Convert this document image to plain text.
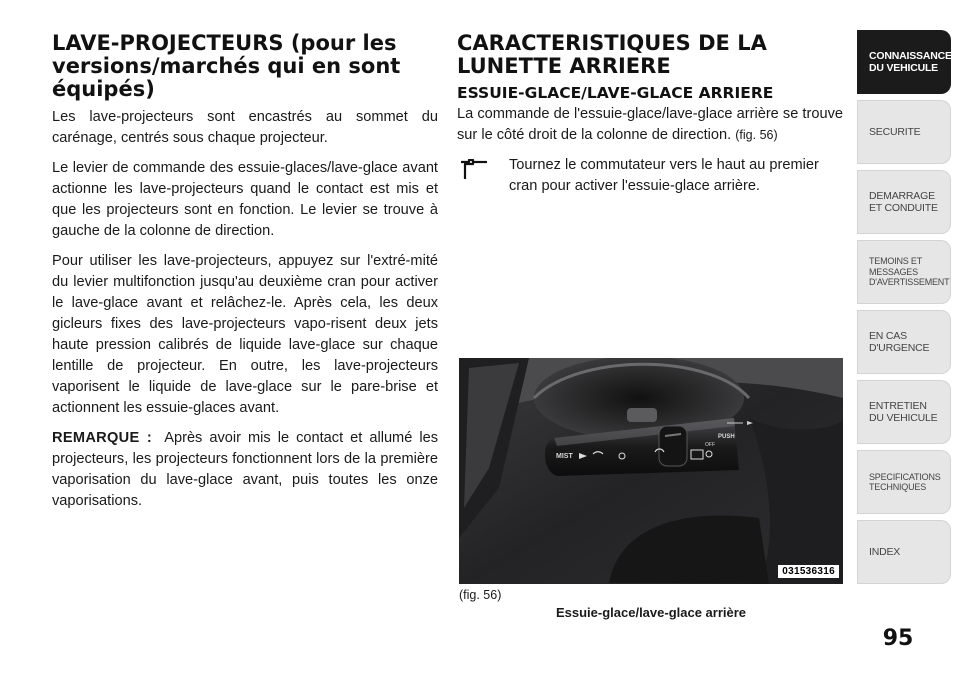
LAVE-PROJECTEURS (pour les versions/marchés qui en sont équipés)

Les lave-projecteurs sont encastrés au sommet du carénage, centrés sous chaque projecteur.

Le levier de commande des essuie-glaces/lave-glace avant actionne les lave-projecteurs quand le contact est mis et que les projecteurs sont en fonction. Le levier se trouve à gauche de la colonne de direction.

Pour utiliser les lave-projecteurs, appuyez sur l'extré-mité du levier multifonction jusqu'au deuxième cran pour activer le lave-glace avant et relâchez-le. Après cela, les deux gicleurs fixes des lave-projecteurs vapo-risent deux jets haute pression calibrés de liquide lave-glace sur chaque lentille de projecteur. En outre, les lave-projecteurs vaporisent le liquide de lave-glace sur le pare-brise et actionnent les essuie-glaces avant.

REMARQUE : Après avoir mis le contact et allumé les projecteurs, les projecteurs fonctionnent lors de la première vaporisation du lave-glace avant, puis toutes les onze vaporisations.

CARACTERISTIQUES DE LA LUNETTE ARRIERE
ESSUIE-GLACE/LAVE-GLACE ARRIERE

La commande de l'essuie-glace/lave-glace arrière se trouve sur le côté droit de la colonne de direction. (fig. 56)

Tournez le commutateur vers le haut au premier cran pour activer l'essuie-glace arrière.

MIST
PUSH
OFF
031536316
(fig. 56)
Essuie-glace/lave-glace arrière
CONNAISSANCE
DU VEHICULE
SECURITE
DEMARRAGE
ET CONDUITE
TEMOINS ET
MESSAGES
D'AVERTISSEMENT
EN CAS
D'URGENCE
ENTRETIEN
DU VEHICULE
SPECIFICATIONS
TECHNIQUES
INDEX
95
